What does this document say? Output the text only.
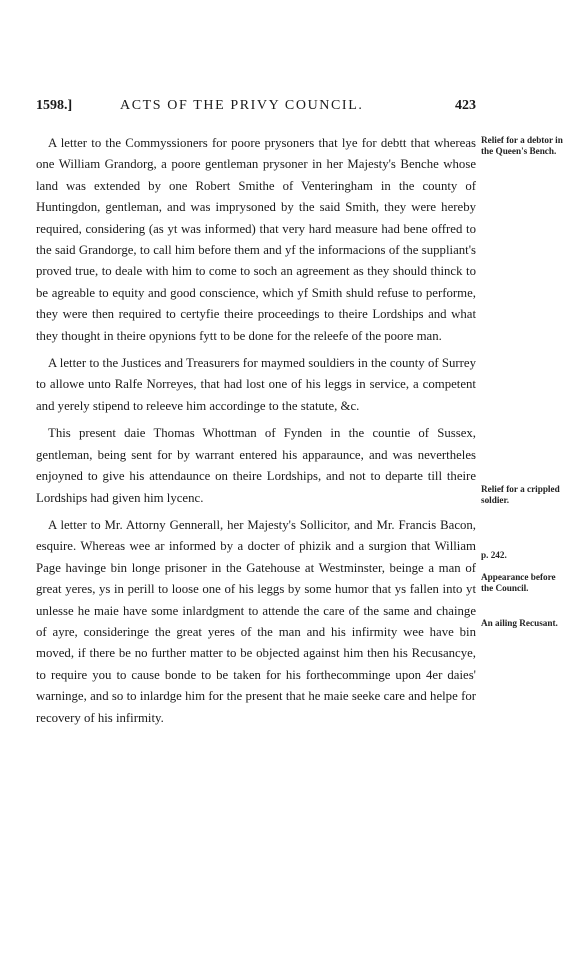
1598.]	ACTS OF THE PRIVY COUNCIL.	423

A letter to the Commyssioners for poore prysoners that lye for debtt that whereas one William Grandorg, a poore gentleman prysoner in her Majesty's Benche whose land was extended by one Robert Smithe of Venteringham in the county of Huntingdon, gentleman, and was imprysoned by the said Smith, they were hereby required, considering (as yt was informed) that very hard measure had bene offred to the said Grandorge, to call him before them and yf the informacions of the suppliant's proved true, to deale with him to come to soch an agreement as they should thinck to be agreable to equity and good conscience, which yf Smith shuld refuse to performe, they were then required to certyfie theire proceedings to theire Lordships and what they thought in theire opynions fytt to be done for the releefe of the poore man.

A letter to the Justices and Treasurers for maymed souldiers in the county of Surrey to allowe unto Ralfe Norreyes, that had lost one of his leggs in service, a competent and yerely stipend to releeve him accordinge to the statute, &c.

This present daie Thomas Whottman of Fynden in the countie of Sussex, gentleman, being sent for by warrant entered his apparaunce, and was nevertheles enjoyned to give his attendaunce on theire Lordships, and not to departe till theire Lordships had given him lycenc.

A letter to Mr. Attorny Gennerall, her Majesty's Sollicitor, and Mr. Francis Bacon, esquire. Whereas wee ar informed by a docter of phizik and a surgion that William Page havinge bin longe prisoner in the Gatehouse at Westminster, beinge a man of great yeres, ys in perill to loose one of his leggs by some humor that ys fallen into yt unlesse he maie have some inlardgment to attende the care of the same and chainge of ayre, consideringe the great yeres of the man and his infirmity wee have bin moved, if there be no further matter to be objected against him then his Recusancye, to require you to cause bonde to be taken for his forthecomminge upon 4er daies' warninge, and so to inlardge him for the present that he maie seeke care and helpe for recovery of his infirmity.

Relief for a debtor in the Queen's Bench.
Relief for a crippled soldier.
p. 242.
Appearance before the Council.
An ailing Recusant.
